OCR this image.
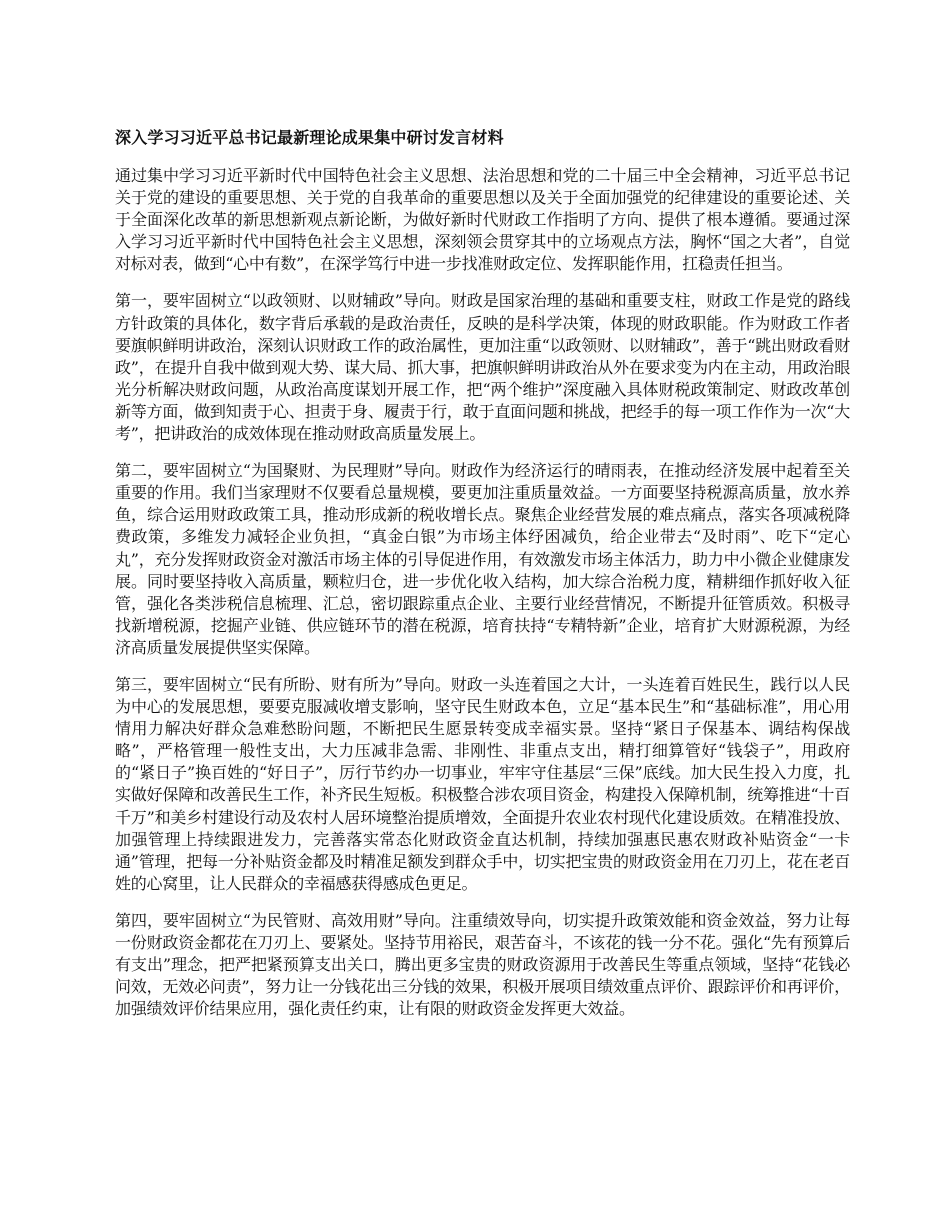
深入学习习近平总书记最新理论成果集中研讨发言材料

通过集中学习习近平新时代中国特色社会主义思想、法治思想和党的二十届三中全会精神，习近平总书记关于党的建设的重要思想、关于党的自我革命的重要思想以及关于全面加强党的纪律建设的重要论述、关于全面深化改革的新思想新观点新论断，为做好新时代财政工作指明了方向、提供了根本遵循。要通过深入学习习近平新时代中国特色社会主义思想，深刻领会贯穿其中的立场观点方法，胸怀“国之大者”，自觉对标对表，做到“心中有数”，在深学笃行中进一步找准财政定位、发挥职能作用，扛稳责任担当。

第一，要牢固树立“以政领财、以财辅政”导向。财政是国家治理的基础和重要支柱，财政工作是党的路线方针政策的具体化，数字背后承载的是政治责任，反映的是科学决策，体现的财政职能。作为财政工作者要旗帜鲜明讲政治，深刻认识财政工作的政治属性，更加注重“以政领财、以财辅政”，善于“跳出财政看财政”，在提升自我中做到观大势、谋大局、抓大事，把旗帜鲜明讲政治从外在要求变为内在主动，用政治眼光分析解决财政问题，从政治高度谋划开展工作，把“两个维护”深度融入具体财税政策制定、财政改革创新等方面，做到知责于心、担责于身、履责于行，敢于直面问题和挑战，把经手的每一项工作作为一次“大考”，把讲政治的成效体现在推动财政高质量发展上。

第二，要牢固树立“为国聚财、为民理财”导向。财政作为经济运行的晴雨表，在推动经济发展中起着至关重要的作用。我们当家理财不仅要看总量规模，要更加注重质量效益。一方面要坚持税源高质量，放水养鱼，综合运用财政政策工具，推动形成新的税收增长点。聚焦企业经营发展的难点痛点，落实各项减税降费政策，多维发力减轻企业负担，“真金白银”为市场主体纾困减负，给企业带去“及时雨”、吃下“定心丸”，充分发挥财政资金对激活市场主体的引导促进作用，有效激发市场主体活力，助力中小微企业健康发展。同时要坚持收入高质量，颗粒归仓，进一步优化收入结构，加大综合治税力度，精耕细作抓好收入征管，强化各类涉税信息梳理、汇总，密切跟踪重点企业、主要行业经营情况，不断提升征管质效。积极寻找新增税源，挖掘产业链、供应链环节的潜在税源，培育扶持“专精特新”企业，培育扩大财源税源，为经济高质量发展提供坚实保障。

第三，要牢固树立“民有所盼、财有所为”导向。财政一头连着国之大计，一头连着百姓民生，践行以人民为中心的发展思想，要要克服减收增支影响，坚守民生财政本色，立足“基本民生”和“基础标准”，用心用情用力解决好群众急难愁盼问题，不断把民生愿景转变成幸福实景。坚持“紧日子保基本、调结构保战略”，严格管理一般性支出，大力压减非急需、非刚性、非重点支出，精打细算管好“钱袋子”，用政府的“紧日子”换百姓的“好日子”，厉行节约办一切事业，牢牢守住基层“三保”底线。加大民生投入力度，扎实做好保障和改善民生工作，补齐民生短板。积极整合涉农项目资金，构建投入保障机制，统筹推进“十百千万”和美乡村建设行动及农村人居环境整治提质增效，全面提升农业农村现代化建设质效。在精准投放、加强管理上持续跟进发力，完善落实常态化财政资金直达机制，持续加强惠民惠农财政补贴资金“一卡通”管理，把每一分补贴资金都及时精准足额发到群众手中，切实把宝贵的财政资金用在刀刃上，花在老百姓的心窝里，让人民群众的幸福感获得感成色更足。

第四，要牢固树立“为民管财、高效用财”导向。注重绩效导向，切实提升政策效能和资金效益，努力让每一份财政资金都花在刀刃上、要紧处。坚持节用裕民，艰苦奋斗，不该花的钱一分不花。强化“先有预算后有支出”理念，把严把紧预算支出关口，腾出更多宝贵的财政资源用于改善民生等重点领域，坚持“花钱必问效，无效必问责”，努力让一分钱花出三分钱的效果，积极开展项目绩效重点评价、跟踪评价和再评价，加强绩效评价结果应用，强化责任约束，让有限的财政资金发挥更大效益。
